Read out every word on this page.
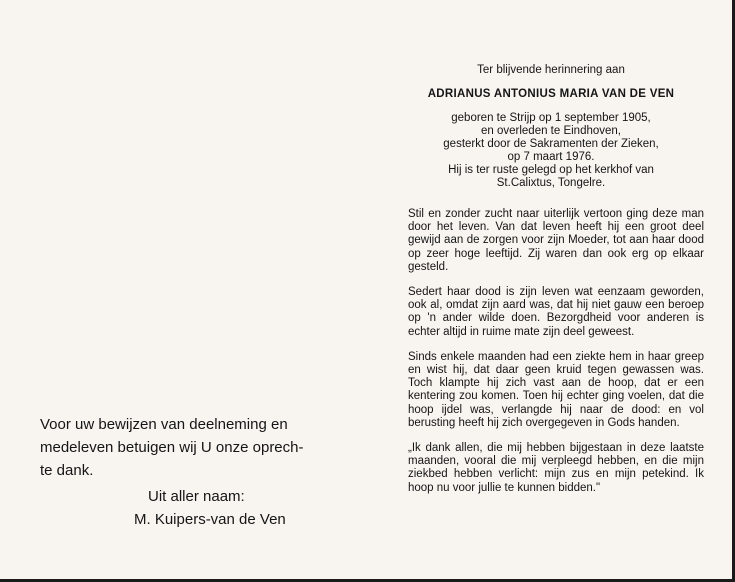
Voor uw bewijzen van deelneming en
medeleven betuigen wij U onze oprech-
te dank.

Uit aller naam:
M. Kuipers-van de Ven
Ter blijvende herinnering aan
ADRIANUS ANTONIUS MARIA VAN DE VEN
geboren te Strijp op 1 september 1905,
en overleden te Eindhoven,
gesterkt door de Sakramenten der Zieken,
op 7 maart 1976.
Hij is ter ruste gelegd op het kerkhof van
St.Calixtus, Tongelre.

Stil en zonder zucht naar uiterlijk vertoon ging deze man door het leven. Van dat leven heeft hij een groot deel gewijd aan de zorgen voor zijn Moeder, tot aan haar dood op zeer hoge leeftijd. Zij waren dan ook erg op elkaar gesteld.

Sedert haar dood is zijn leven wat eenzaam geworden, ook al, omdat zijn aard was, dat hij niet gauw een beroep op 'n ander wilde doen. Bezorgdheid voor anderen is echter altijd in ruime mate zijn deel geweest.

Sinds enkele maanden had een ziekte hem in haar greep en wist hij, dat daar geen kruid tegen gewassen was. Toch klampte hij zich vast aan de hoop, dat er een kentering zou komen. Toen hij echter ging voelen, dat die hoop ijdel was, verlangde hij naar de dood: en vol berusting heeft hij zich overgegeven in Gods handen.

„Ik dank allen, die mij hebben bijgestaan in deze laatste maanden, vooral die mij verpleegd hebben, en die mijn ziekbed hebben verlicht: mijn zus en mijn petekind. Ik hoop nu voor jullie te kunnen bidden."
